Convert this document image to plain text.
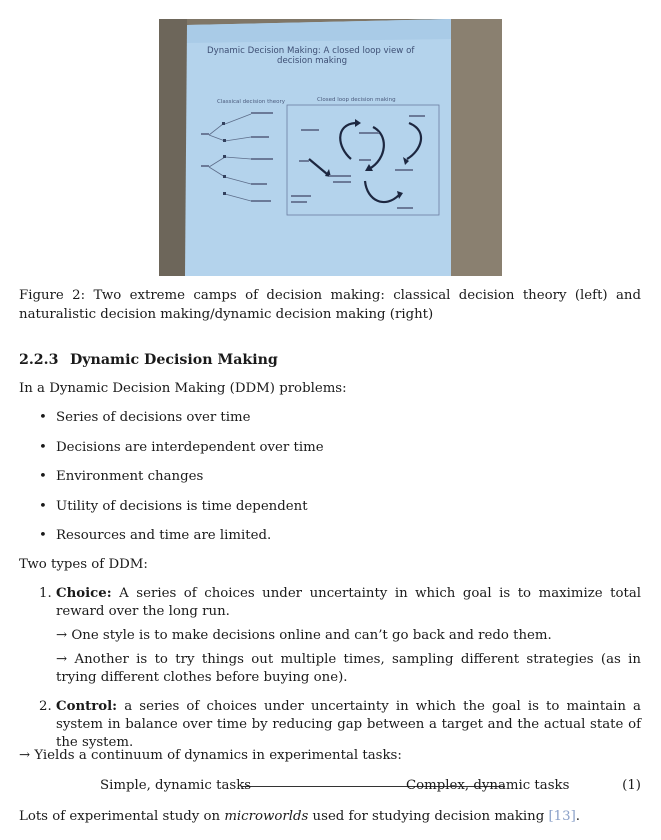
Dynamic Decision Making: A closed loop view of
decision making
Classical decision theory	Closed loop decision making
Figure 2: Two extreme camps of decision making: classical decision theory (left) and naturalistic decision making/dynamic decision making (right)
2.2.3 Dynamic Decision Making
In a Dynamic Decision Making (DDM) problems:
• Series of decisions over time
• Decisions are interdependent over time
• Environment changes
• Utility of decisions is time dependent
• Resources and time are limited.
Two types of DDM:
1. Choice: A series of choices under uncertainty in which goal is to maximize total reward over the long run.
→ One style is to make decisions online and can’t go back and redo them.
→ Another is to try things out multiple times, sampling different strategies (as in trying different clothes before buying one).
2. Control: a series of choices under uncertainty in which the goal is to maintain a system in balance over time by reducing gap between a target and the actual state of the system.
→ Yields a continuum of dynamics in experimental tasks:
Simple, dynamic tasks	Complex, dynamic tasks	(1)
Lots of experimental study on microworlds used for studying decision making [13].
